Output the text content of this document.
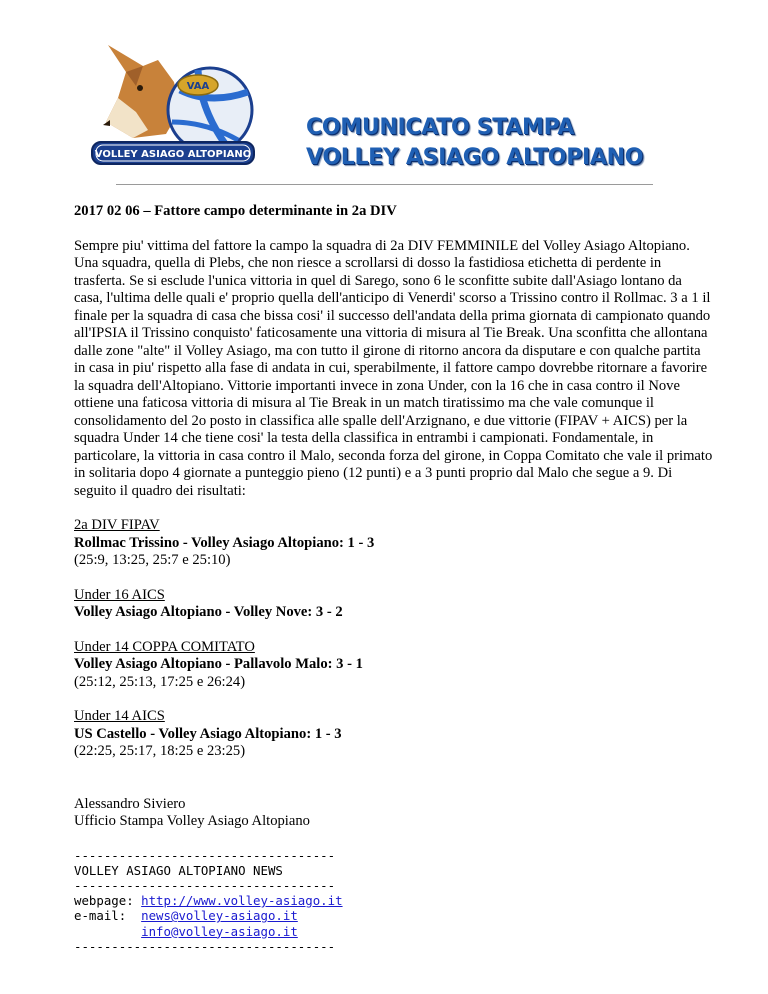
VAA
VOLLEY ASIAGO ALTOPIANO
COMUNICATO STAMPA
VOLLEY ASIAGO ALTOPIANO

2017 02 06 – Fattore campo determinante in 2a DIV

Sempre piu' vittima del fattore la campo la squadra di 2a DIV FEMMINILE del Volley Asiago Altopiano. Una squadra, quella di Plebs, che non riesce a scrollarsi di dosso la fastidiosa etichetta di perdente in trasferta. Se si esclude l'unica vittoria in quel di Sarego, sono 6 le sconfitte subite dall'Asiago lontano da casa, l'ultima delle quali e' proprio quella dell'anticipo di Venerdi' scorso a Trissino contro il Rollmac. 3 a 1 il finale per la squadra di casa che bissa cosi' il successo dell'andata della prima giornata di campionato quando all'IPSIA il Trissino conquisto' faticosamente una vittoria di misura al Tie Break. Una sconfitta che allontana dalle zone "alte" il Volley Asiago, ma con tutto il girone di ritorno ancora da disputare e con qualche partita in casa in piu' rispetto alla fase di andata in cui, sperabilmente, il fattore campo dovrebbe ritornare a favorire la squadra dell'Altopiano. Vittorie importanti invece in zona Under, con la 16 che in casa contro il Nove ottiene una faticosa vittoria di misura al Tie Break in un match tiratissimo ma che vale comunque il consolidamento del 2o posto in classifica alle spalle dell'Arzignano, e due vittorie (FIPAV + AICS) per la squadra Under 14 che tiene cosi' la testa della classifica in entrambi i campionati. Fondamentale, in particolare, la vittoria in casa contro il Malo, seconda forza del girone, in Coppa Comitato che vale il primato in solitaria dopo 4 giornate a punteggio pieno (12 punti) e a 3 punti proprio dal Malo che segue a 9. Di seguito il quadro dei risultati:

2a DIV FIPAV
Rollmac Trissino - Volley Asiago Altopiano: 1 - 3
(25:9, 13:25, 25:7 e 25:10)
Under 16 AICS
Volley Asiago Altopiano - Volley Nove: 3 - 2
Under 14 COPPA COMITATO
Volley Asiago Altopiano - Pallavolo Malo: 3 - 1
(25:12, 25:13, 17:25 e 26:24)
Under 14 AICS
US Castello - Volley Asiago Altopiano: 1 - 3
(22:25, 25:17, 18:25 e 23:25)
Alessandro Siviero
Ufficio Stampa Volley Asiago Altopiano
-----------------------------------
VOLLEY ASIAGO ALTOPIANO NEWS
-----------------------------------
webpage: http://www.volley-asiago.it
e-mail:  news@volley-asiago.it
info@volley-asiago.it
-----------------------------------
